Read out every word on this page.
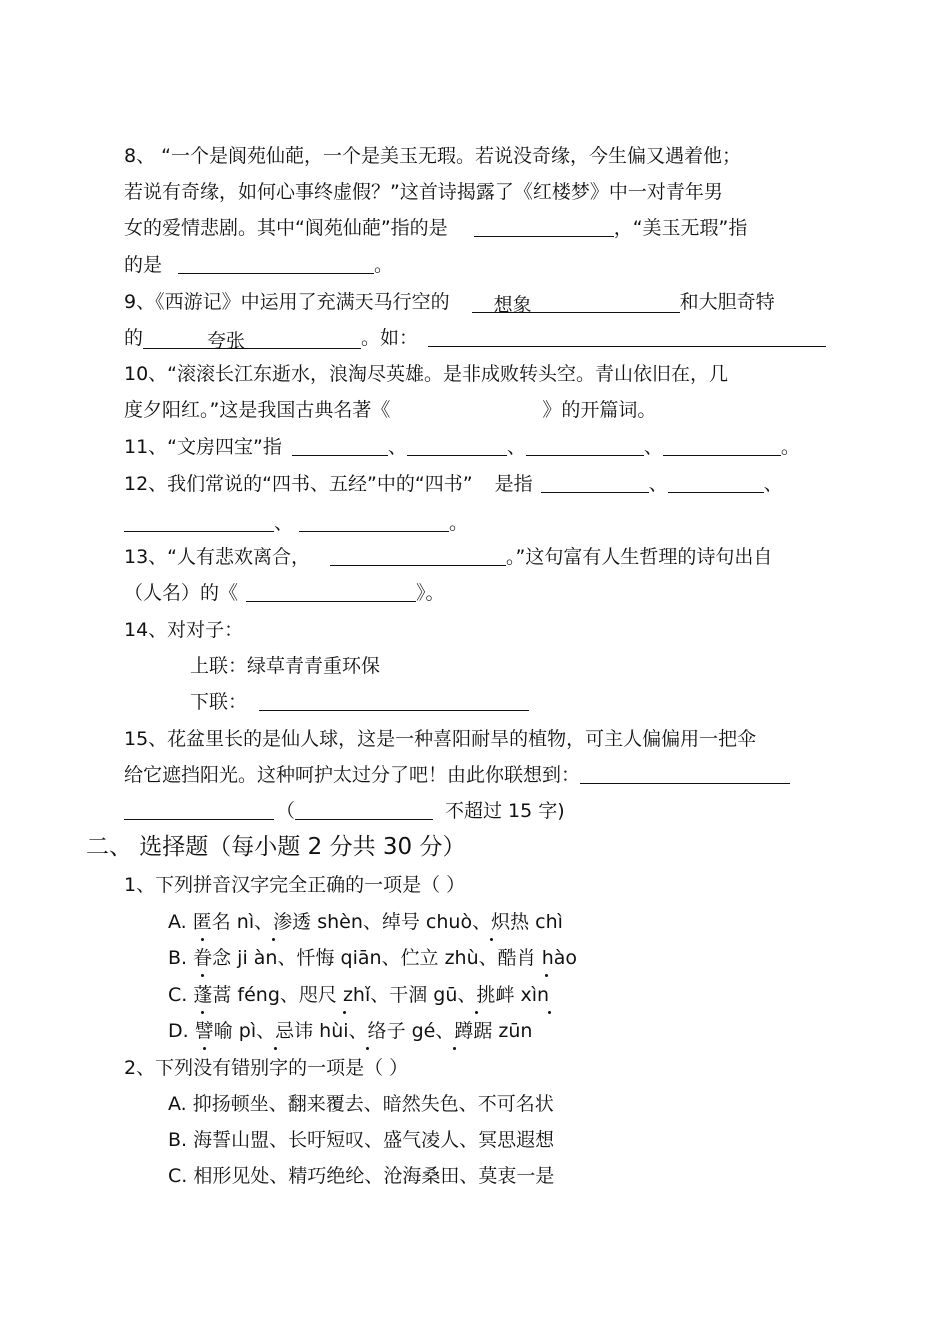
8、 “一个是阆苑仙葩，一个是美玉无瑕。若说没奇缘，今生偏又遇着他；
若说有奇缘，如何心事终虚假？”这首诗揭露了《红楼梦》中一对青年男
女的爱情悲剧。其中“阆苑仙葩”指的是	，“美玉无瑕”指
的是	。
9、《西游记》中运用了充满天马行空的 想象	和大胆奇特
的	夸张	。如：
10、“滚滚长江东逝水，浪淘尽英雄。是非成败转头空。青山依旧在，几
度夕阳红。”这是我国古典名著《	》的开篇词。
11、“文房四宝”指	、	、	、	。
12、我们常说的“四书、五经”中的“四书” 是指	、	、
、	。
13、“人有悲欢离合，	。”这句富有人生哲理的诗句出自
（人名）的《	》。
14、对对子：
上联：绿草青青重环保
下联：
15、花盆里长的是仙人球，这是一种喜阳耐旱的植物，可主人偏偏用一把伞
给它遮挡阳光。这种呵护太过分了吧！由此你联想到：
（	不超过 15 字)
二、 选择题（每小题 2 分共 30 分）
1、下列拼音汉字完全正确的一项是（ ）
A. 匿名 nì、渗透 shèn、绰号 chuò、炽热 chì
B. 眷念 ji àn、忏悔 qiān、伫立 zhù、酷肖 hào
C. 蓬蒿 féng、咫尺 zhǐ、干涸 gū、挑衅 xìn
D. 譬喻 pì、忌讳 hùi、络子 gé、蹲踞 zūn
2、下列没有错别字的一项是（ ）
A. 抑扬顿坐、翻来覆去、暗然失色、不可名状
B. 海誓山盟、长吁短叹、盛气凌人、冥思遐想
C. 相形见处、精巧绝纶、沧海桑田、莫衷一是
